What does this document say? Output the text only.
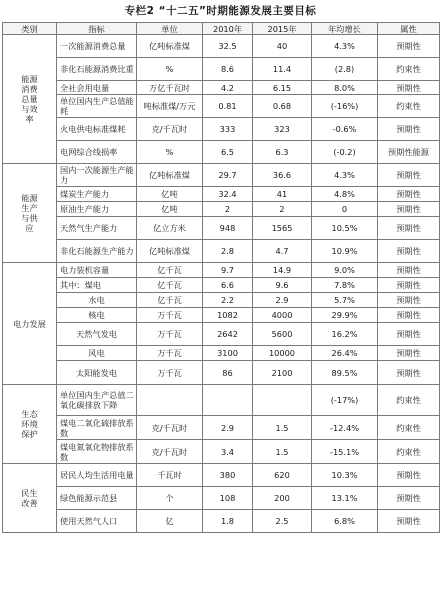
专栏2 “十二五”时期能源发展主要目标
类别	指标	单位	2010年	2015年	年均增长	属性
能源消费总量与效率	一次能源消费总量	亿吨标准煤	32.5	40	4.3%	预期性
	非化石能源消费比重	%	8.6	11.4	(2.8)	约束性
	全社会用电量	万亿千瓦时	4.2	6.15	8.0%	预期性
	单位国内生产总值能耗	吨标准煤/万元	0.81	0.68	(-16%)	约束性
	火电供电标准煤耗	克/千瓦时	333	323	-0.6%	预期性
	电网综合线损率	%	6.5	6.3	(-0.2)	预期性能源
能源生产与供应	国内一次能源生产能力	亿吨标准煤	29.7	36.6	4.3%	预期性
	煤炭生产能力	亿吨	32.4	41	4.8%	预期性
	原油生产能力	亿吨	2	2	0	预期性
	天然气生产能力	亿立方米	948	1565	10.5%	预期性
	非化石能源生产能力	亿吨标准煤	2.8	4.7	10.9%	预期性
电力发展	电力装机容量	亿千瓦	9.7	14.9	9.0%	预期性
	其中：煤电	亿千瓦	6.6	9.6	7.8%	预期性
	水电	亿千瓦	2.2	2.9	5.7%	预期性
	核电	万千瓦	1082	4000	29.9%	预期性
	天然气发电	万千瓦	2642	5600	16.2%	预期性
	风电	万千瓦	3100	10000	26.4%	预期性
	太阳能发电	万千瓦	86	2100	89.5%	预期性
生态环境保护	单位国内生产总值二氧化碳排放下降				(-17%)	约束性
	煤电二氧化硫排放系数	克/千瓦时	2.9	1.5	-12.4%	约束性
	煤电氮氧化物排放系数	克/千瓦时	3.4	1.5	-15.1%	约束性
民生改善	居民人均生活用电量	千瓦时	380	620	10.3%	预期性
	绿色能源示范县	个	108	200	13.1%	预期性
	使用天然气人口	亿	1.8	2.5	6.8%	预期性
